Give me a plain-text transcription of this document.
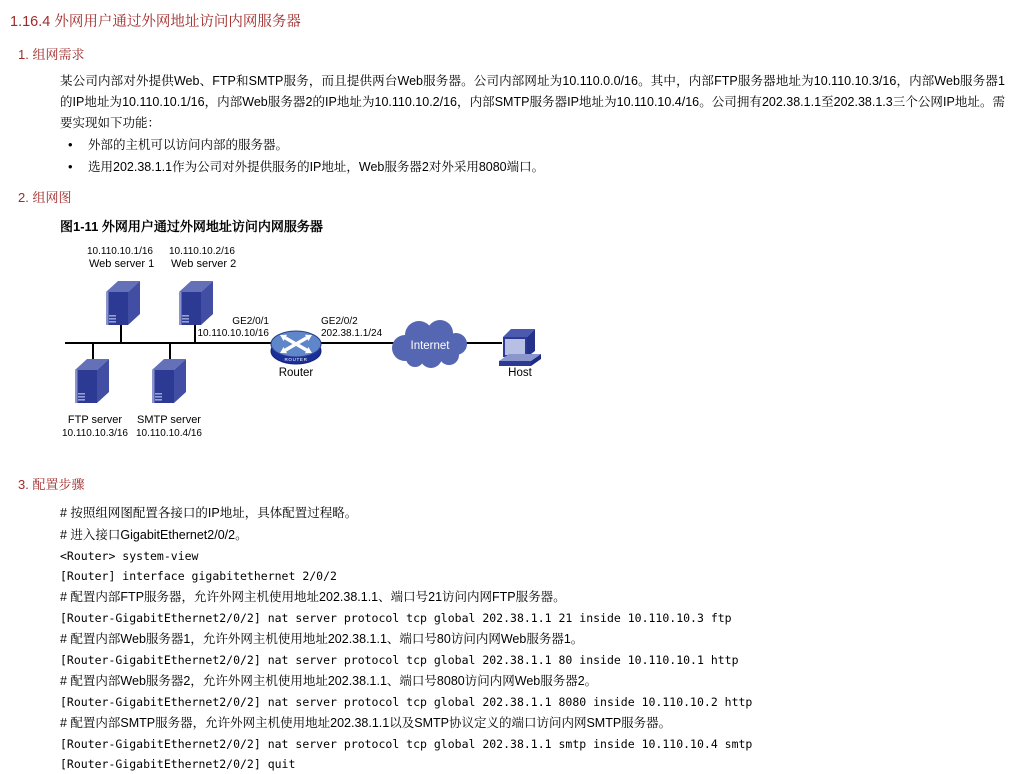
1.16.4 外网用户通过外网地址访问内网服务器
1. 组网需求

某公司内部对外提供Web、FTP和SMTP服务，而且提供两台Web服务器。公司内部网址为10.110.0.0/16。其中，内部FTP服务器地址为10.110.10.3/16，内部Web服务器1的IP地址为10.110.10.1/16，内部Web服务器2的IP地址为10.110.10.2/16，内部SMTP服务器IP地址为10.110.10.4/16。公司拥有202.38.1.1至202.38.1.3三个公网IP地址。需要实现如下功能：

• 外部的主机可以访问内部的服务器。
• 选用202.38.1.1作为公司对外提供服务的IP地址，Web服务器2对外采用8080端口。
2. 组网图
图1-11 外网用户通过外网地址访问内网服务器
10.110.10.1/16
Web server 1
10.110.10.2/16
Web server 2
FTP server
10.110.10.3/16
SMTP server
10.110.10.4/16
GE2/0/1
10.110.10.10/16
GE2/0/2
202.38.1.1/24
ROUTER
Router
Internet
Host
3. 配置步骤
# 按照组网图配置各接口的IP地址，具体配置过程略。
# 进入接口GigabitEthernet2/0/2。
<Router> system-view
[Router] interface gigabitethernet 2/0/2
# 配置内部FTP服务器，允许外网主机使用地址202.38.1.1、端口号21访问内网FTP服务器。
[Router-GigabitEthernet2/0/2] nat server protocol tcp global 202.38.1.1 21 inside 10.110.10.3 ftp
# 配置内部Web服务器1，允许外网主机使用地址202.38.1.1、端口号80访问内网Web服务器1。
[Router-GigabitEthernet2/0/2] nat server protocol tcp global 202.38.1.1 80 inside 10.110.10.1 http
# 配置内部Web服务器2，允许外网主机使用地址202.38.1.1、端口号8080访问内网Web服务器2。
[Router-GigabitEthernet2/0/2] nat server protocol tcp global 202.38.1.1 8080 inside 10.110.10.2 http
# 配置内部SMTP服务器，允许外网主机使用地址202.38.1.1以及SMTP协议定义的端口访问内网SMTP服务器。
[Router-GigabitEthernet2/0/2] nat server protocol tcp global 202.38.1.1 smtp inside 10.110.10.4 smtp
[Router-GigabitEthernet2/0/2] quit
